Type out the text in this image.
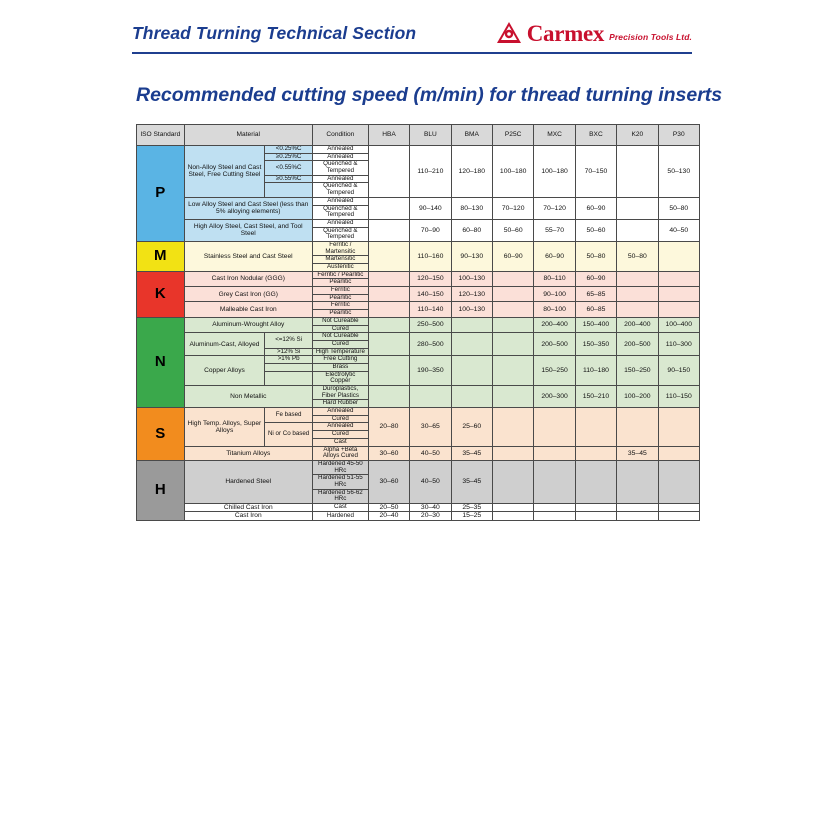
Thread Turning Technical Section	Carmex Precision Tools Ltd.
Recommended cutting speed (m/min) for thread turning inserts
ISO Standard	Material		Condition	HBA	BLU	BMA	P25C	MXC	BXC	K20	P30
P	Non-Alloy Steel and Cast Steel, Free Cutting Steel	<0.25%C	Annealed		110–210	120–180	100–180	100–180	70–150		50–130
		≥0.25%C	Annealed								
		<0.55%C	Quenched & Tempered								
		≥0.55%C	Annealed								
			Quenched & Tempered								
	Low Alloy Steel and Cast Steel (less than 5% alloying elements)		Annealed		90–140	80–130	70–120	70–120	60–90		50–80
			Quenched & Tempered								
	High Alloy Steel, Cast Steel, and Tool Steel		Annealed		70–90	60–80	50–60	55–70	50–60		40–50
			Quenched & Tempered								
M	Stainless Steel and Cast Steel		Ferritic / Martensitic		110–160	90–130	60–90	60–90	50–80	50–80	
			Martensitic								
			Austenitic								
K	Cast Iron Nodular (GGG)		Ferritic / Pearlitic		120–150	100–130		80–110	60–90		
			Pearlitic								
	Grey Cast Iron (GG)		Ferritic		140–150	120–130		90–100	65–85		
			Pearlitic								
	Malleable Cast Iron		Ferritic		110–140	100–130		80–100	60–85		
			Pearlitic								
N	Aluminum-Wrought Alloy		Not Cureable		250–500			200–400	150–400	200–400	100–400
			Cured								
	Aluminum-Cast, Alloyed	<=12% Si	Not Cureable		280–500			200–500	150–350	200–500	110–300
			Cured								
		>12% Si	High Temperature								
	Copper Alloys	>1% Pb	Free Cutting		190–350			150–250	110–180	150–250	90–150
			Brass								
			Electrolytic Copper								
	Non Metallic		Duroplastics, Fiber Plastics					200–300	150–210	100–200	110–150
			Hard Rubber								
S	High Temp. Alloys, Super Alloys	Fe based	Annealed	20–80	30–65	25–60					
			Cured								
		Ni or Co based	Annealed								
			Cured								
			Cast								
	Titanium Alloys		Alpha +Beta Alloys Cured	30–60	40–50	35–45				35–45	
H	Hardened Steel		Hardened 45-50 HRc	30–60	40–50	35–45					
			Hardened 51-55 HRc								
			Hardened 56-62 HRc								
	Chilled Cast Iron		Cast	20–50	30–40	25–35					
	Cast Iron		Hardened	20–40	20–30	15–25					
